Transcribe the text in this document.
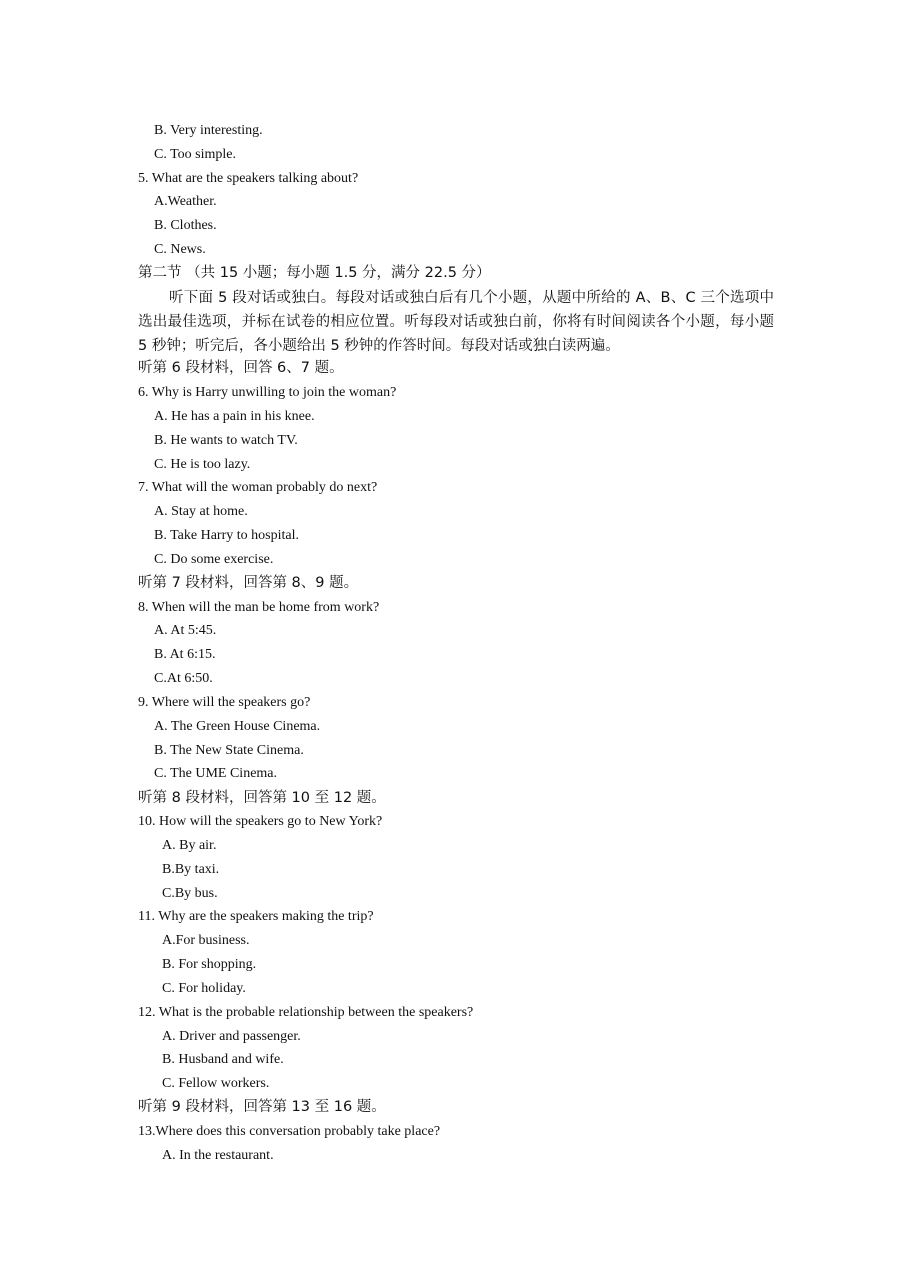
B. Very interesting.
C. Too simple.
5. What are the speakers talking about?
A.Weather.
B. Clothes.
C. News.
第二节 （共 15 小题；每小题 1.5 分，满分 22.5 分）
听下面 5 段对话或独白。每段对话或独白后有几个小题，从题中所给的 A、B、C 三个选项中选出最佳选项，并标在试卷的相应位置。听每段对话或独白前，你将有时间阅读各个小题，每小题 5 秒钟；听完后，各小题给出 5 秒钟的作答时间。每段对话或独白读两遍。
听第 6 段材料，回答 6、7 题。
6. Why is Harry unwilling to join the woman?
A. He has a pain in his knee.
B. He wants to watch TV.
C. He is too lazy.
7. What will the woman probably do next?
A. Stay at home.
B. Take Harry to hospital.
C. Do some exercise.
听第 7 段材料，回答第 8、9 题。
8. When will the man be home from work?
A. At 5:45.
B. At 6:15.
C.At 6:50.
9. Where will the speakers go?
A. The Green House Cinema.
B. The New State Cinema.
C. The UME Cinema.
听第 8 段材料，回答第 10 至 12 题。
10. How will the speakers go to New York?
A. By air.
B.By taxi.
C.By bus.
11. Why are the speakers making the trip?
A.For business.
B. For shopping.
C. For holiday.
12. What is the probable relationship between the speakers?
A. Driver and passenger.
B. Husband and wife.
C. Fellow workers.
听第 9 段材料，回答第 13 至 16 题。
13.Where does this conversation probably take place?
A. In the restaurant.
